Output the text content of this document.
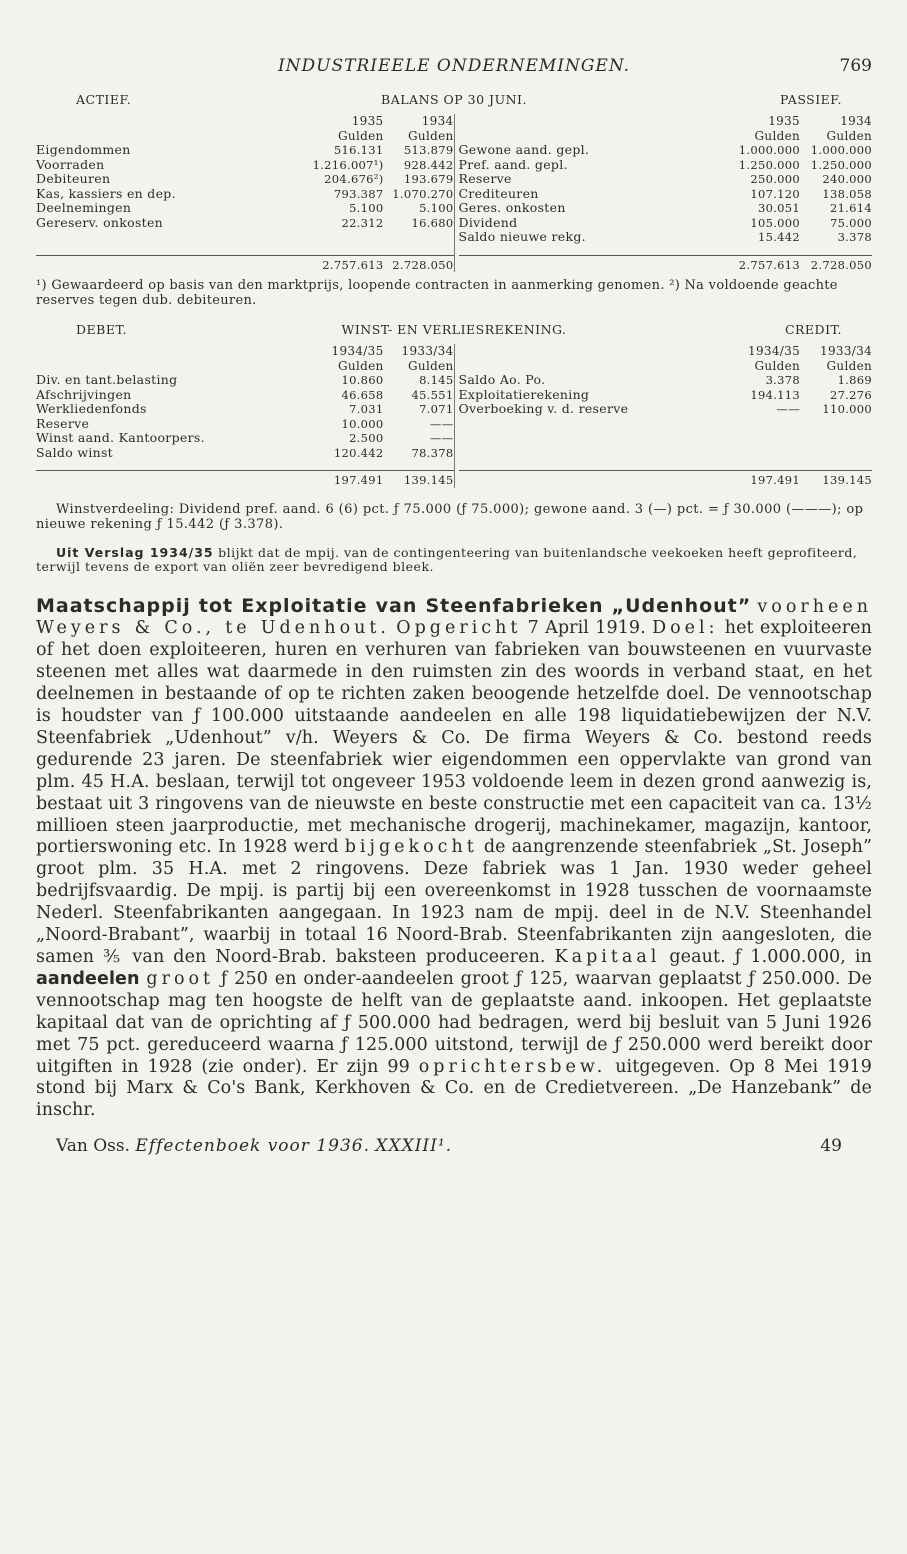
INDUSTRIEELE ONDERNEMINGEN.	769
ACTIEF.	BALANS OP 30 JUNI.	PASSIEF.
1935	1934
Gulden	Gulden
Eigendommen	516.131	513.879
Voorraden	1.216.007¹)	928.442
Debiteuren	204.676²)	193.679
Kas, kassiers en dep.	793.387 1.070.270
Deelnemingen	5.100	5.100
Gereserv. onkosten	22.312	16.680
2.757.613 2.728.050
1935	1934
Gulden	Gulden
Gewone aand. gepl.	1.000.000 1.000.000
Pref. aand. gepl.	1.250.000 1.250.000
Reserve	250.000	240.000
Crediteuren	107.120	138.058
Geres. onkosten	30.051	21.614
Dividend	105.000	75.000
Saldo nieuwe rekg.	15.442	3.378
2.757.613 2.728.050
¹) Gewaardeerd op basis van den marktprijs, loopende contracten in aanmerking genomen. ²) Na voldoende geachte reserves tegen dub. debiteuren.
DEBET.	WINST- EN VERLIESREKENING.	CREDIT.
1934/35	1933/34
Gulden	Gulden
Div. en tant.belasting	10.860	8.145
Afschrijvingen	46.658	45.551
Werkliedenfonds	7.031	7.071
Reserve	10.000	——
Winst aand. Kantoorpers.	2.500	——
Saldo winst	120.442	78.378
197.491	139.145
1934/35	1933/34
Gulden	Gulden
Saldo Ao. Po.	3.378	1.869
Exploitatierekening	194.113	27.276
Overboeking v. d. reserve	——	110.000
197.491	139.145
Winstverdeeling: Dividend pref. aand. 6 (6) pct. ƒ 75.000 (ƒ 75.000); gewone aand. 3 (—) pct. = ƒ 30.000 (———); op nieuwe rekening ƒ 15.442 (ƒ 3.378).
Uit Verslag 1934/35 blijkt dat de mpij. van de contingenteering van buitenlandsche veekoeken heeft geprofiteerd, terwijl tevens de export van oliën zeer bevredigend bleek.
Maatschappij tot Exploitatie van Steenfabrieken „Udenhout” voorheen Weyers & Co., te Udenhout. Opgericht 7 April 1919. Doel: het exploiteeren of het doen exploiteeren, huren en verhuren van fabrieken van bouwsteenen en vuurvaste steenen met alles wat daarmede in den ruimsten zin des woords in verband staat, en het deelnemen in bestaande of op te richten zaken beoogende hetzelfde doel. De vennootschap is houdster van ƒ 100.000 uitstaande aandeelen en alle 198 liquidatiebewijzen der N.V. Steenfabriek „Udenhout” v/h. Weyers & Co. De firma Weyers & Co. bestond reeds gedurende 23 jaren. De steenfabriek wier eigendommen een oppervlakte van grond van plm. 45 H.A. beslaan, terwijl tot ongeveer 1953 voldoende leem in dezen grond aanwezig is, bestaat uit 3 ringovens van de nieuwste en beste constructie met een capaciteit van ca. 13½ millioen steen jaarproductie, met mechanische drogerij, machinekamer, magazijn, kantoor, portierswoning etc. In 1928 werd bijgekocht de aangrenzende steenfabriek „St. Joseph” groot plm. 35 H.A. met 2 ringovens. Deze fabriek was 1 Jan. 1930 weder geheel bedrijfsvaardig. De mpij. is partij bij een overeenkomst in 1928 tusschen de voornaamste Nederl. Steenfabrikanten aangegaan. In 1923 nam de mpij. deel in de N.V. Steenhandel „Noord-Brabant”, waarbij in totaal 16 Noord-Brab. Steenfabrikanten zijn aangesloten, die samen ⅗ van den Noord-Brab. baksteen produceeren. Kapitaal geaut. ƒ 1.000.000, in aandeelen groot ƒ 250 en onder-aandeelen groot ƒ 125, waarvan geplaatst ƒ 250.000. De vennootschap mag ten hoogste de helft van de geplaatste aand. inkoopen. Het geplaatste kapitaal dat van de oprichting af ƒ 500.000 had bedragen, werd bij besluit van 5 Juni 1926 met 75 pct. gereduceerd waarna ƒ 125.000 uitstond, terwijl de ƒ 250.000 werd bereikt door uitgiften in 1928 (zie onder). Er zijn 99 oprichtersbew. uitgegeven. Op 8 Mei 1919 stond bij Marx & Co's Bank, Kerkhoven & Co. en de Credietvereen. „De Hanzebank” de inschr.
Van Oss. Effectenboek voor 1936. XXXIII¹.	49
